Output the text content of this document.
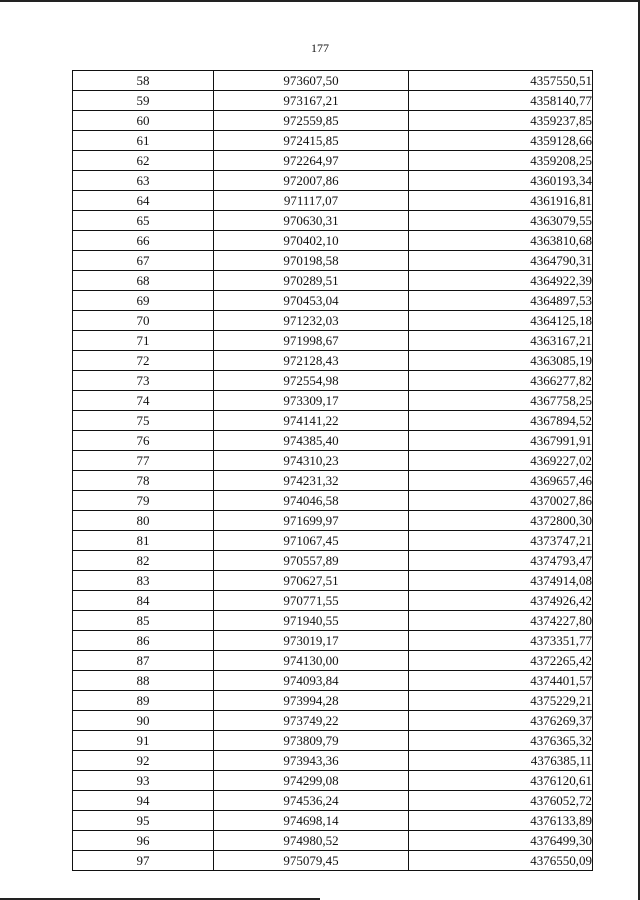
177
58	973607,50	4357550,51
59	973167,21	4358140,77
60	972559,85	4359237,85
61	972415,85	4359128,66
62	972264,97	4359208,25
63	972007,86	4360193,34
64	971117,07	4361916,81
65	970630,31	4363079,55
66	970402,10	4363810,68
67	970198,58	4364790,31
68	970289,51	4364922,39
69	970453,04	4364897,53
70	971232,03	4364125,18
71	971998,67	4363167,21
72	972128,43	4363085,19
73	972554,98	4366277,82
74	973309,17	4367758,25
75	974141,22	4367894,52
76	974385,40	4367991,91
77	974310,23	4369227,02
78	974231,32	4369657,46
79	974046,58	4370027,86
80	971699,97	4372800,30
81	971067,45	4373747,21
82	970557,89	4374793,47
83	970627,51	4374914,08
84	970771,55	4374926,42
85	971940,55	4374227,80
86	973019,17	4373351,77
87	974130,00	4372265,42
88	974093,84	4374401,57
89	973994,28	4375229,21
90	973749,22	4376269,37
91	973809,79	4376365,32
92	973943,36	4376385,11
93	974299,08	4376120,61
94	974536,24	4376052,72
95	974698,14	4376133,89
96	974980,52	4376499,30
97	975079,45	4376550,09
